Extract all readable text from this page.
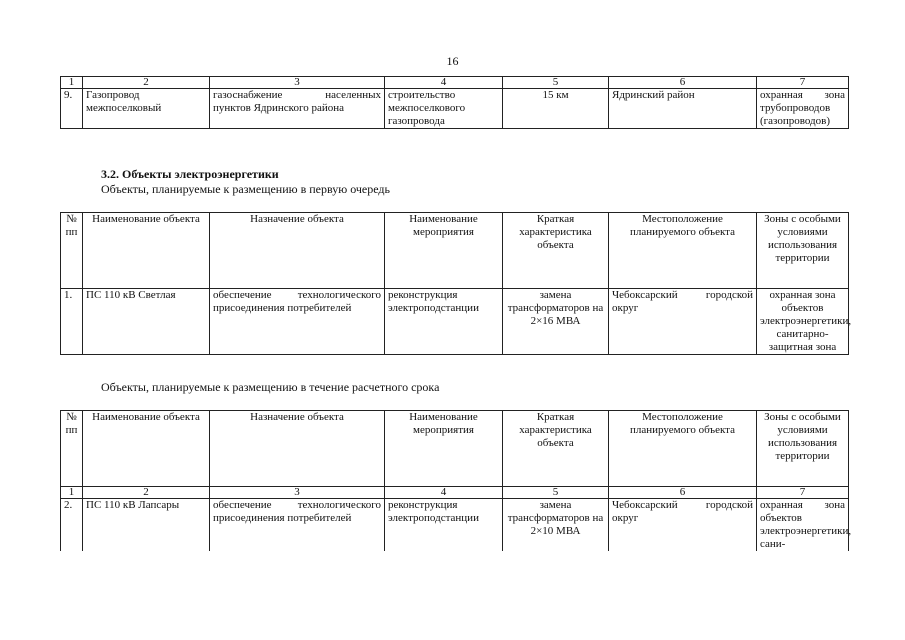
16
1	2	3	4	5	6	7
9.	Газопровод межпоселковый	газоснабжение населенных пунктов Ядринского района	строительство межпоселкового газопровода	15 км	Ядринский район	охранная зона трубопроводов (газопроводов)
3.2. Объекты электроэнергетики
Объекты, планируемые к размещению в первую очередь
№ пп	Наименование объекта	Назначение объекта	Наименование мероприятия	Краткая характеристика объекта	Местоположение планируемого объекта	Зоны с особыми условиями использования территории
1.	ПС 110 кВ Светлая	обеспечение технологического присоединения потребителей	реконструкция электроподстанции	замена трансформаторов на 2×16 МВА	Чебоксарский городской округ	охранная зона объектов электроэнергетики, санитарно-защитная зона
Объекты, планируемые к размещению в течение расчетного срока
№ пп	Наименование объекта	Назначение объекта	Наименование мероприятия	Краткая характеристика объекта	Местоположение планируемого объекта	Зоны с особыми условиями использования территории
1	2	3	4	5	6	7
2.	ПС 110 кВ Лапсары	обеспечение технологического присоединения потребителей	реконструкция электроподстанции	замена трансформаторов на 2×10 МВА	Чебоксарский городской округ	охранная зона объектов электроэнергетики, сани-
